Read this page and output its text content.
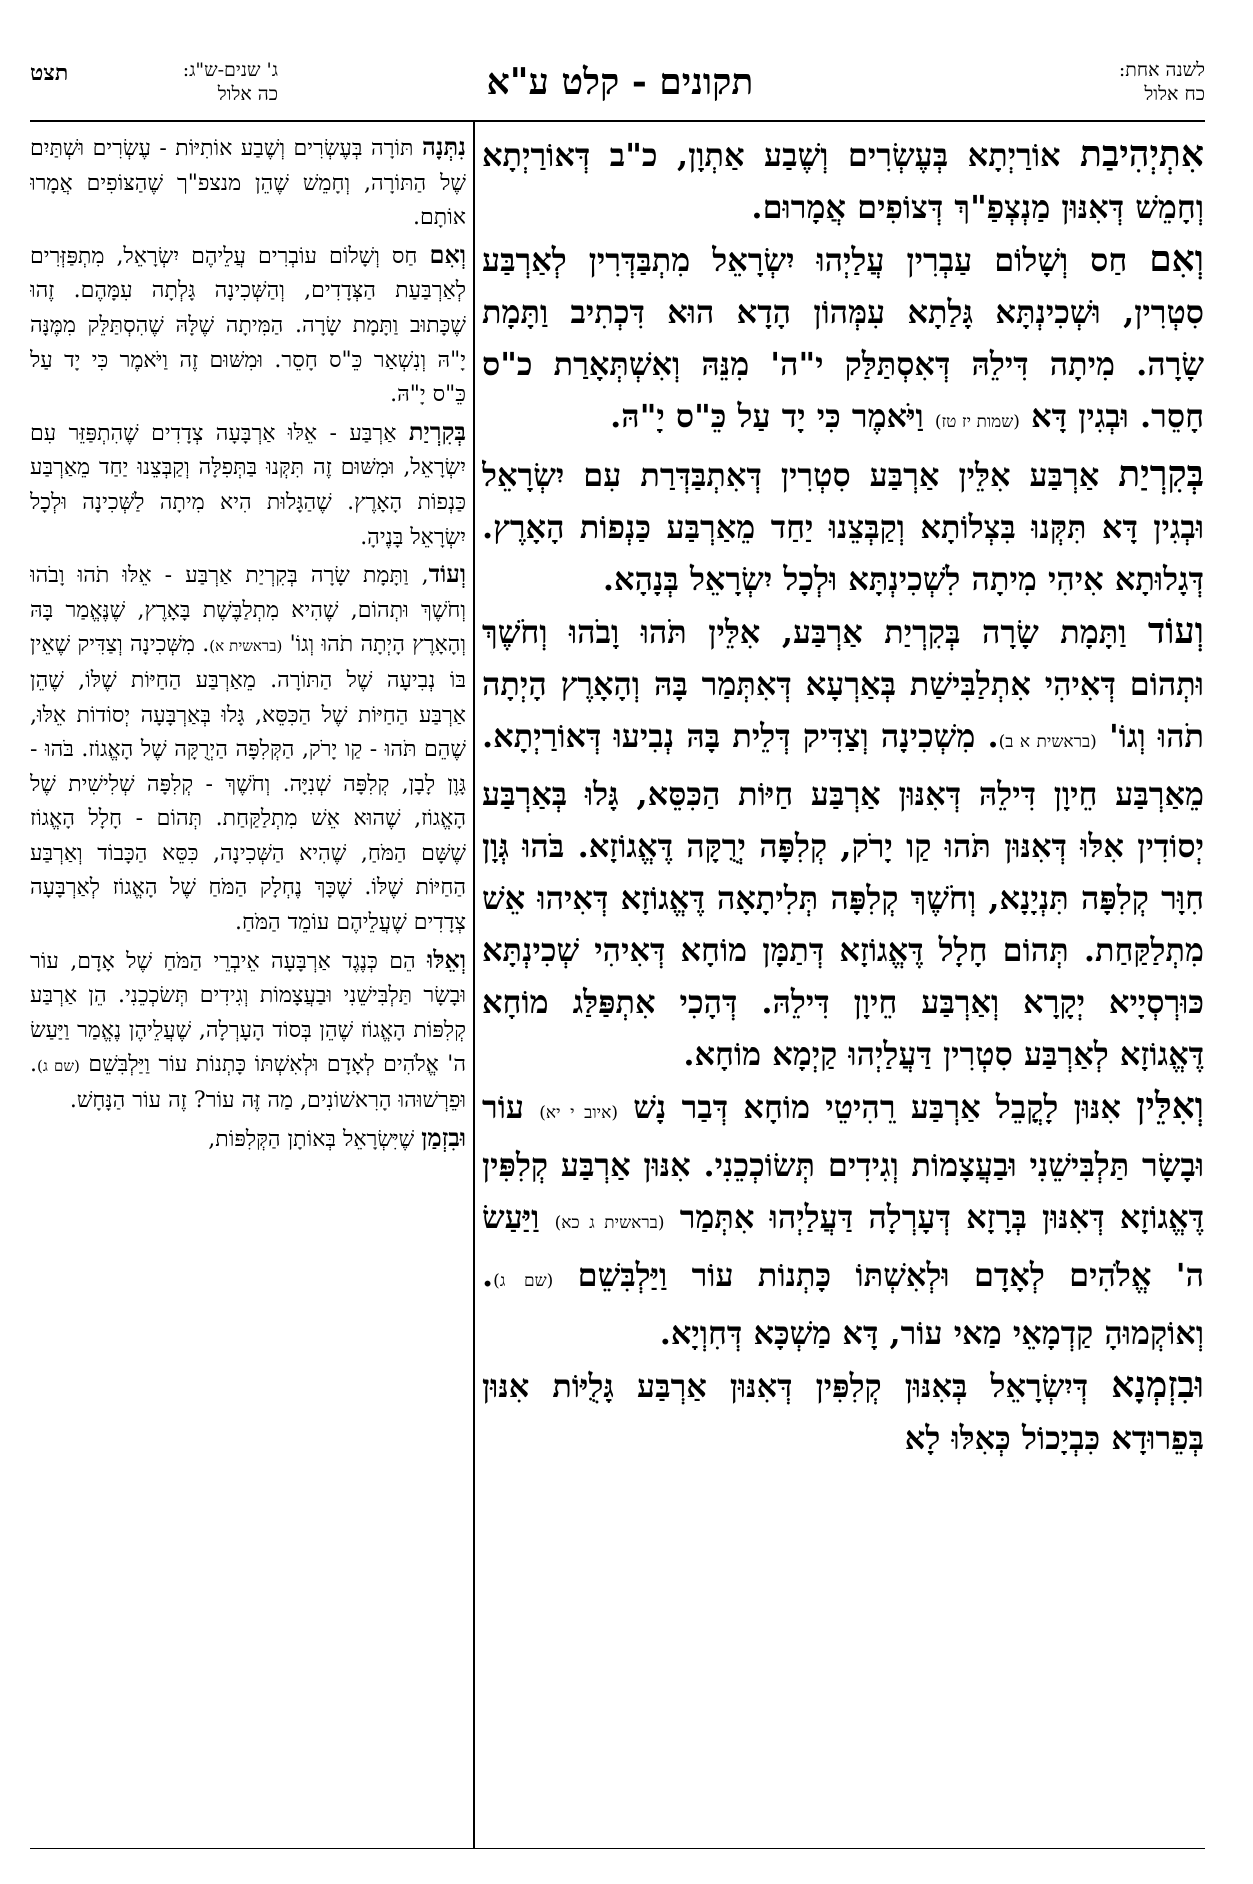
לשנה אחת:
כח אלול
תקונים - קלט ע"א
ג' שנים-ש"ג:
כה אלול
תצט

אִתְיְהִיבַת אוֹרַיְתָא בְּעֶשְׂרִים וְשֶׁבַע אַתְוָן, כ"ב דְּאוֹרַיְתָא וְחָמֵשׁ דְּאִנּוּן מַנְצְפַ"ךְ דְּצוֹפִים אֲמָרוּם.

וְאִם חַס וְשָׁלוֹם עַבְרִין עֲלַיְהוּ יִשְׂרָאֵל מִתְבַּדְּרִין לְאַרְבַּע סִטְרִין, וּשְׁכִינְתָּא גָּלַתָא עִמְּהוֹן הָדָא הוּא דִּכְתִיב וַתָּמָת שָׂרָה. מִיתָה דִּילֵהּ דְּאִסְתַּלַּק י"ה' מִנֵּהּ וְאִשְׁתְּאָרַת כ"ס חָסֵר. וּבְגִין דָּא (שמות יז טז) וַיֹּאמֶר כִּי יָד עַל כֵּ"ס יָ"הּ.

בְּקִרְיַת אַרְבַּע אִלֵּין אַרְבַּע סִטְרִין דְּאִתְבַּדְּרַת עִם יִשְׂרָאֵל וּבְגִין דָּא תִּקְּנוּ בִּצְלוֹתָא וְקַבְּצֵנוּ יַחַד מֵאַרְבַּע כַּנְפוֹת הָאָרֶץ. דְּגָלוּתָא אִיהִי מִיתָה לִשְׁכִינְתָּא וּלְכָל יִשְׂרָאֵל בְּנָהָא.

וְעוֹד וַתָּמָת שָׂרָה בְּקִרְיַת אַרְבַּע, אִלֵּין תֹּהוּ וָבֹהוּ וְחֹשֶׁךְ וּתְהוֹם דְּאִיהִי אִתְלַבִּישַׁת בְּאַרְעָא דְּאִתְּמַר בָּהּ וְהָאָרֶץ הָיְתָה תֹהוּ וְגוֹ' (בראשית א ב). מִשְׁכִינָה וְצַדִּיק דְּלֵית בָּהּ נְבִיעוּ דְּאוֹרַיְתָא. מֵאַרְבַּע חֵיוָן דִּילֵהּ דְּאִנּוּן אַרְבַּע חַיּוֹת הַכִּסֵּא, גָּלוּ בְּאַרְבַּע יְסוֹדִין אִלּוּ דְּאִנּוּן תֹּהוּ קַו יָרֹק, קְלִפָּה יְרֻקָּה דֶּאֱגוֹזָא. בֹּהוּ גְּוָן חִוָּר קְלִפָּה תִּנְיָנָא, וְחֹשֶׁךְ קְלִפָּה תְּלִיתָאָה דֶּאֱגוֹזָא דְּאִיהוּ אֵשׁ מִתְלַקַּחַת. תְּהוֹם חָלָל דֶּאֱגוֹזָא דְּתַמָּן מוֹחָא דְּאִיהִי שְׁכִינְתָּא כּוּרְסְיָיא יְקָרָא וְאַרְבַּע חֵיוָן דִּילֵהּ. דְּהָכִי אִתְפַּלַּג מוֹחָא דֶּאֱגוֹזָא לְאַרְבַּע סִטְרִין דַּעֲלַיְהוּ קַיְמָא מוֹחָא.

וְאִלֵּין אִנּוּן לָקֳבֵל אַרְבַּע רֵהִיטֵי מוֹחָא דְּבַר נָשׁ (איוב י יא) עוֹר וּבָשָׂר תַּלְבִּישֵׁנִי וּבַעֲצָמוֹת וְגִידִים תְּשׂוֹכְכֵנִי. אִנּוּן אַרְבַּע קְלִפִּין דֶּאֱגוֹזָא דְּאִנּוּן בְּרָזָא דְּעָרְלָה דַּעֲלַיְהוּ אִתְּמַר (בראשית ג כא) וַיַּעַשׂ ה' אֱלֹהִים לְאָדָם וּלְאִשְׁתּוֹ כָּתְנוֹת עוֹר וַיַּלְבִּשֵׁם (שם ג). וְאוֹקְמוּהָ קַדְמָאֵי מַאי עוֹר, דָּא מַשְׁכָּא דְּחִוְיָא.

וּבִזְמְנָא דְּיִשְׂרָאֵל בְּאִנּוּן קְלִפִּין דְּאִנּוּן אַרְבַּע גָּלֻיּוֹת אִנּוּן בְּפֵרוּדָא כִּבְיָכוֹל כְּאִלּוּ לָא

נִתְּנָה תּוֹרָה בְּעֶשְׂרִים וְשֶׁבַע אוֹתִיּוֹת - עֶשְׂרִים וּשְׁתַּיִם שֶׁל הַתּוֹרָה, וְחָמֵשׁ שֶׁהֵן מנצפ"ך שֶׁהַצּוֹפִים אֲמָרוּ אוֹתָם.

וְאִם חַס וְשָׁלוֹם עוֹבְרִים עֲלֵיהֶם יִשְׂרָאֵל, מִתְפַּזְּרִים לְאַרְבַּעַת הַצְּדָדִים, וְהַשְּׁכִינָה גָּלְתָה עִמָּהֶם. זֶהוּ שֶׁכָּתוּב וַתָּמָת שָׂרָה. הַמִּיתָה שֶׁלָּהּ שֶׁהִסְתַּלֵּק מִמֶּנָּה יָ"הּ וְנִשְׁאַר כֵּ"ס חָסֵר. וּמִשּׁוּם זֶה וַיֹּאמֶר כִּי יָד עַל כֵּ"ס יָ"הּ.

בְּקִרְיַת אַרְבַּע - אֵלּוּ אַרְבָּעָה צְדָדִים שֶׁהִתְפַּזֵּר עִם יִשְׂרָאֵל, וּמִשּׁוּם זֶה תִּקְּנוּ בַּתְּפִלָּה וְקַבְּצֵנוּ יַחַד מֵאַרְבַּע כַּנְפוֹת הָאָרֶץ. שֶׁהַגָּלוּת הִיא מִיתָה לַשְּׁכִינָה וּלְכָל יִשְׂרָאֵל בָּנֶיהָ.

וְעוֹד, וַתָּמָת שָׂרָה בְּקִרְיַת אַרְבַּע - אֵלּוּ תֹהוּ וָבֹהוּ וְחֹשֶׁךְ וּתְהוֹם, שֶׁהִיא מִתְלַבֶּשֶׁת בָּאָרֶץ, שֶׁנֶּאֱמַר בָּהּ וְהָאָרֶץ הָיְתָה תֹהוּ וְגוֹ' (בראשית א). מִשְּׁכִינָה וְצַדִּיק שֶׁאֵין בּוֹ נְבִיעָה שֶׁל הַתּוֹרָה. מֵאַרְבַּע הַחַיּוֹת שֶׁלּוֹ, שֶׁהֵן אַרְבַּע הַחַיּוֹת שֶׁל הַכִּסֵּא, גָּלוּ בְּאַרְבָּעָה יְסוֹדוֹת אֵלּוּ, שֶׁהֵם תֹּהוּ - קַו יָרֹק, הַקְּלִפָּה הַיְרֻקָּה שֶׁל הָאֱגוֹז. בֹּהוּ - גָּוֶן לָבָן, קְלִפָּה שְׁנִיָּה. וְחֹשֶׁךְ - קְלִפָּה שְׁלִישִׁית שֶׁל הָאֱגוֹז, שֶׁהוּא אֵשׁ מִתְלַקַּחַת. תְּהוֹם - חָלָל הָאֱגוֹז שֶׁשָּׁם הַמֹּחַ, שֶׁהִיא הַשְּׁכִינָה, כִּסֵּא הַכָּבוֹד וְאַרְבַּע הַחַיּוֹת שֶׁלּוֹ. שֶׁכָּךְ נֶחְלָק הַמֹּחַ שֶׁל הָאֱגוֹז לְאַרְבָּעָה צְדָדִים שֶׁעֲלֵיהֶם עוֹמֵד הַמֹּחַ.

וְאֵלּוּ הֵם כְּנֶגֶד אַרְבָּעָה אֵיבְרֵי הַמֹּחַ שֶׁל אָדָם, עוֹר וּבָשָׂר תַּלְבִּישֵׁנִי וּבַעֲצָמוֹת וְגִידִים תְּשׂכְכֵנִי. הֵן אַרְבַּע קְלִפּוֹת הָאֱגוֹז שֶׁהֵן בְּסוֹד הָעָרְלָה, שֶׁעֲלֵיהֶן נֶאֱמַר וַיַּעַשׂ ה' אֱלֹהִים לְאָדָם וּלְאִשְׁתּוֹ כָּתְנוֹת עוֹר וַיַּלְבִּשֵׁם (שם ג). וּפֵרְשׁוּהוּ הָרִאשׁוֹנִים, מַה זֶּה עוֹר? זֶה עוֹר הַנָּחָשׁ.

וּבִזְמַן שֶׁיִּשְׂרָאֵל בְּאוֹתָן הַקְּלִפּוֹת,
